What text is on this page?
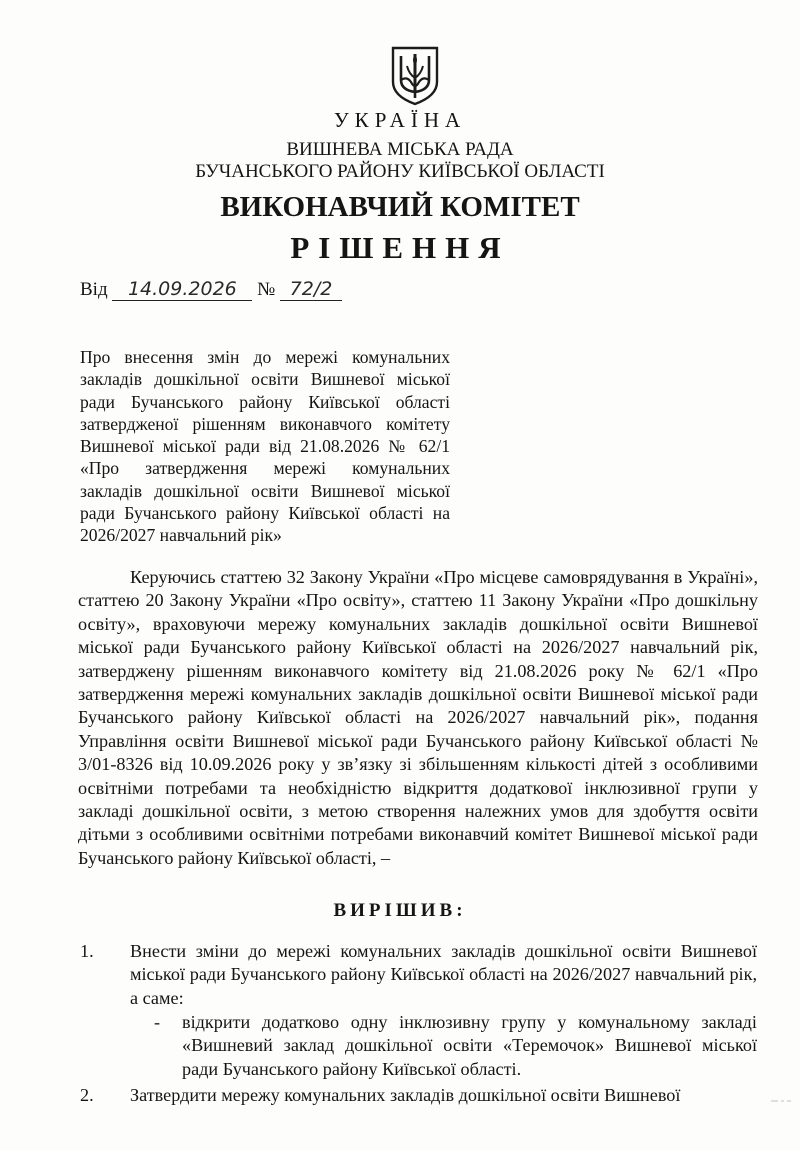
УКРАЇНА
ВИШНЕВА МІСЬКА РАДА
БУЧАНСЬКОГО РАЙОНУ КИЇВСЬКОЇ ОБЛАСТІ
ВИКОНАВЧИЙ КОМІТЕТ
РІШЕННЯ
Від 14.09.2026 № 72/2

Про внесення змін до мережі комунальних закладів дошкільної освіти Вишневої міської ради Бучанського району Київської області затвердженої рішенням виконавчого комітету Вишневої міської ради від 21.08.2026 № 62/1 «Про затвердження мережі комунальних закладів дошкільної освіти Вишневої міської ради Бучанського району Київської області на 2026/2027 навчальний рік»

Керуючись статтею 32 Закону України «Про місцеве самоврядування в Україні», статтею 20 Закону України «Про освіту», статтею 11 Закону України «Про дошкільну освіту», враховуючи мережу комунальних закладів дошкільної освіти Вишневої міської ради Бучанського району Київської області на 2026/2027 навчальний рік, затверджену рішенням виконавчого комітету від 21.08.2026 року № 62/1 «Про затвердження мережі комунальних закладів дошкільної освіти Вишневої міської ради Бучанського району Київської області на 2026/2027 навчальний рік», подання Управління освіти Вишневої міської ради Бучанського району Київської області № 3/01-8326 від 10.09.2026 року у зв’язку зі збільшенням кількості дітей з особливими освітніми потребами та необхідністю відкриття додаткової інклюзивної групи у закладі дошкільної освіти, з метою створення належних умов для здобуття освіти дітьми з особливими освітніми потребами виконавчий комітет Вишневої міської ради Бучанського району Київської області, –

ВИРІШИВ:
1. Внести зміни до мережі комунальних закладів дошкільної освіти Вишневої міської ради Бучанського району Київської області на 2026/2027 навчальний рік, а саме:

- відкрити додатково одну інклюзивну групу у комунальному закладі «Вишневий заклад дошкільної освіти «Теремочок» Вишневої міської ради Бучанського району Київської області.

2. Затвердити мережу комунальних закладів дошкільної освіти Вишневої
